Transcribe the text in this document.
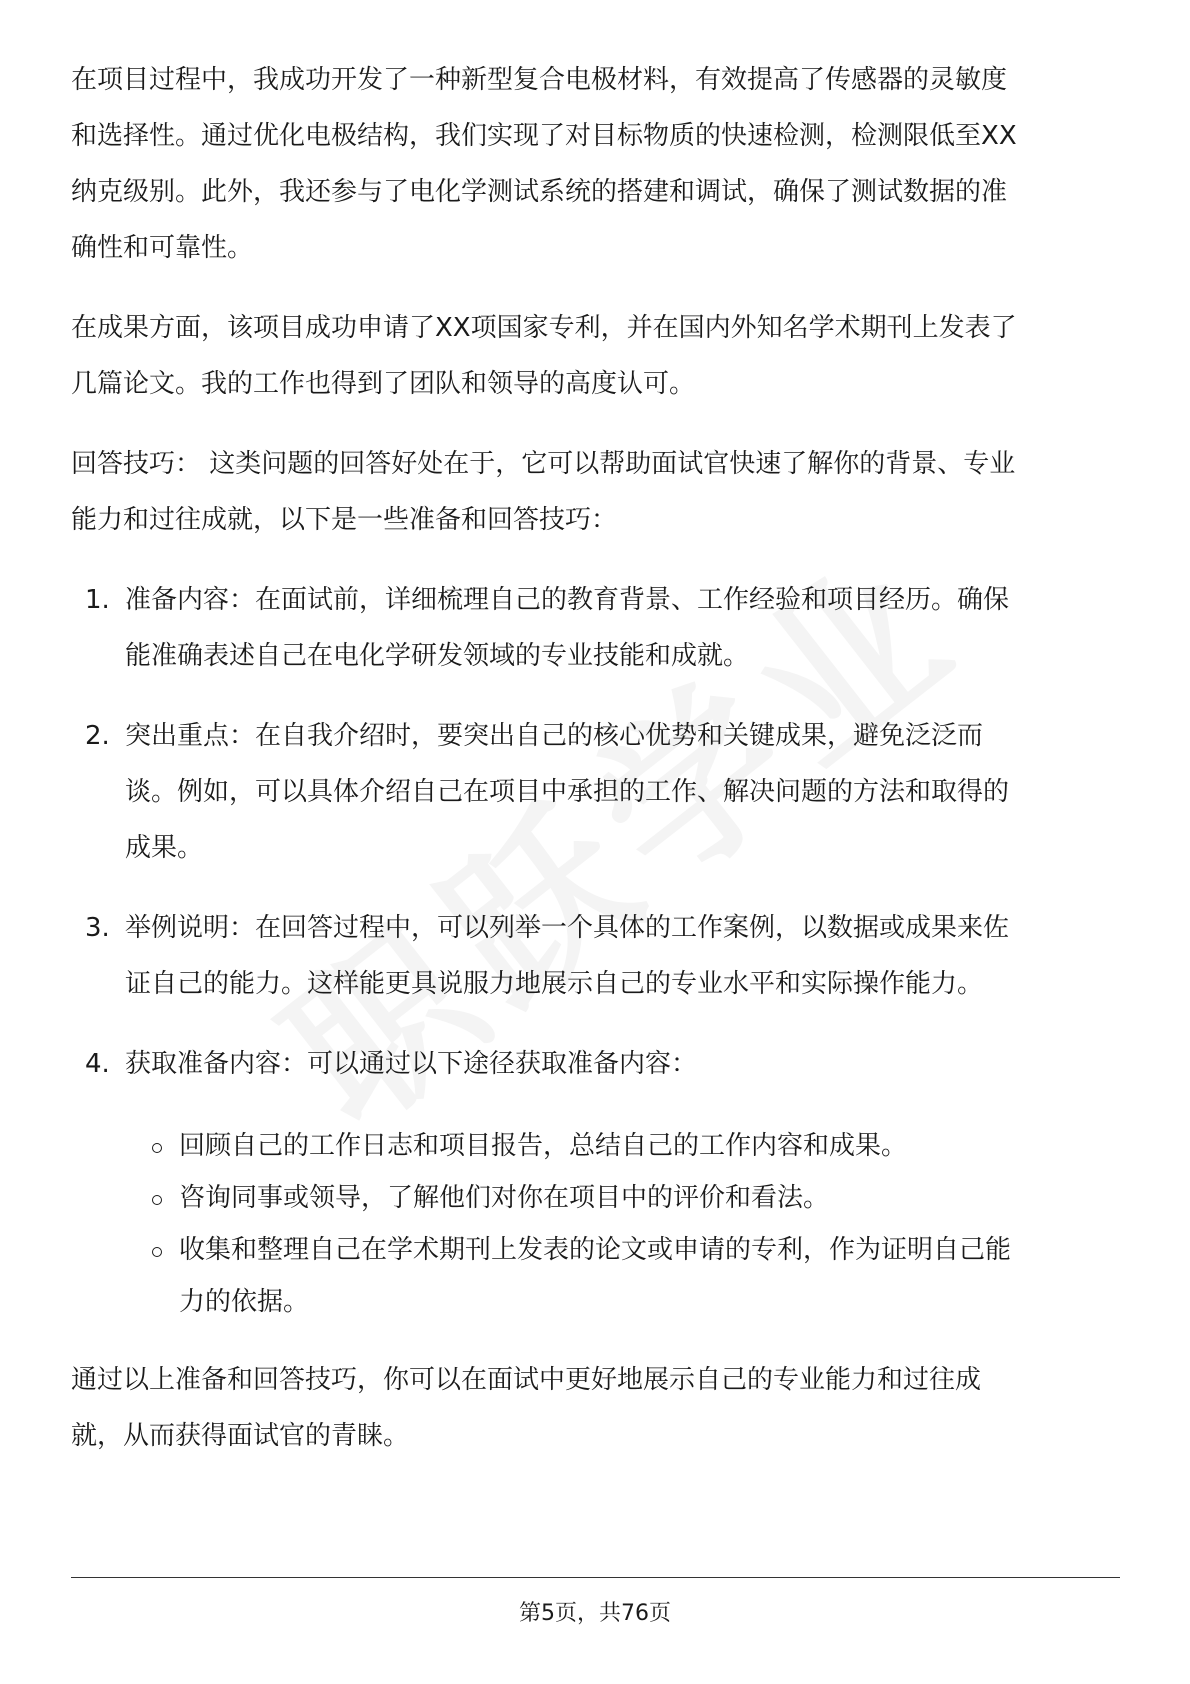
在项目过程中，我成功开发了一种新型复合电极材料，有效提高了传感器的灵敏度

和选择性。通过优化电极结构，我们实现了对目标物质的快速检测，检测限低至XX

纳克级别。此外，我还参与了电化学测试系统的搭建和调试，确保了测试数据的准

确性和可靠性。

在成果方面，该项目成功申请了XX项国家专利，并在国内外知名学术期刊上发表了

几篇论文。我的工作也得到了团队和领导的高度认可。

回答技巧： 这类问题的回答好处在于，它可以帮助面试官快速了解你的背景、专业

能力和过往成就，以下是一些准备和回答技巧：

1. 准备内容：在面试前，详细梳理自己的教育背景、工作经验和项目经历。确保

能准确表述自己在电化学研发领域的专业技能和成就。

2. 突出重点：在自我介绍时，要突出自己的核心优势和关键成果，避免泛泛而

谈。例如，可以具体介绍自己在项目中承担的工作、解决问题的方法和取得的

成果。

3. 举例说明：在回答过程中，可以列举一个具体的工作案例，以数据或成果来佐

证自己的能力。这样能更具说服力地展示自己的专业水平和实际操作能力。

4. 获取准备内容：可以通过以下途径获取准备内容：

回顾自己的工作日志和项目报告，总结自己的工作内容和成果。

咨询同事或领导，了解他们对你在项目中的评价和看法。

收集和整理自己在学术期刊上发表的论文或申请的专利，作为证明自己能

力的依据。

通过以上准备和回答技巧，你可以在面试中更好地展示自己的专业能力和过往成

就，从而获得面试官的青睐。

第5页，共76页
